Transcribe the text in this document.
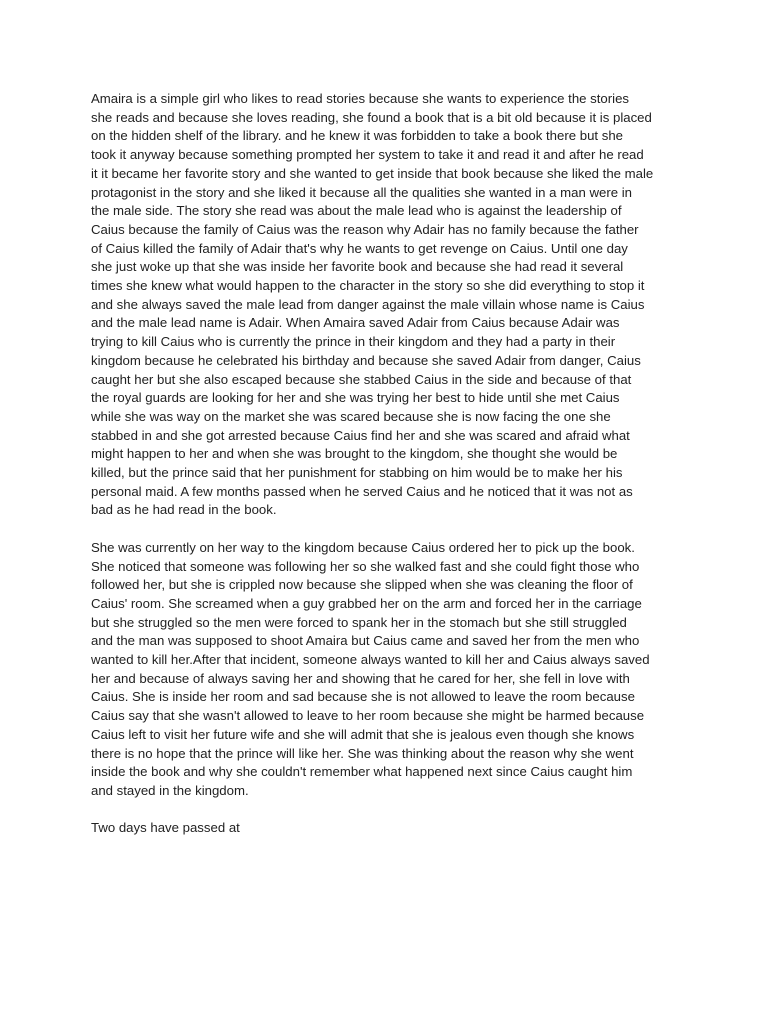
Amaira is a simple girl who likes to read stories because she wants to experience the stories
she reads and because she loves reading, she found a book that is a bit old because it is placed
on the hidden shelf of the library. and he knew it was forbidden to take a book there but she
took it anyway because something prompted her system to take it and read it and after he read
it it became her favorite story and she wanted to get inside that book because she liked the male
protagonist in the story and she liked it because all the qualities she wanted in a man were in
the male side. The story she read was about the male lead who is against the leadership of
Caius because the family of Caius was the reason why Adair has no family because the father
of Caius killed the family of Adair that's why he wants to get revenge on Caius. Until one day
she just woke up that she was inside her favorite book and because she had read it several
times she knew what would happen to the character in the story so she did everything to stop it
and she always saved the male lead from danger against the male villain whose name is Caius
and the male lead name is Adair. When Amaira saved Adair from Caius because Adair was
trying to kill Caius who is currently the prince in their kingdom and they had a party in their
kingdom because he celebrated his birthday and because she saved Adair from danger, Caius
caught her but she also escaped because she stabbed Caius in the side and because of that
the royal guards are looking for her and she was trying her best to hide until she met Caius
while she was way on the market she was scared because she is now facing the one she
stabbed in and she got arrested because Caius find her and she was scared and afraid what
might happen to her and when she was brought to the kingdom, she thought she would be
killed, but the prince said that her punishment for stabbing on him would be to make her his
personal maid. A few months passed when he served Caius and he noticed that it was not as
bad as he had read in the book.
She was currently on her way to the kingdom because Caius ordered her to pick up the book.
She noticed that someone was following her so she walked fast and she could fight those who
followed her, but she is crippled now because she slipped when she was cleaning the floor of
Caius' room. She screamed when a guy grabbed her on the arm and forced her in the carriage
but she struggled so the men were forced to spank her in the stomach but she still struggled
and the man was supposed to shoot Amaira but Caius came and saved her from the men who
wanted to kill her.After that incident, someone always wanted to kill her and Caius always saved
her and because of always saving her and showing that he cared for her, she fell in love with
Caius. She is inside her room and sad because she is not allowed to leave the room because
Caius say that she wasn't allowed to leave to her room because she might be harmed because
Caius left to visit her future wife and she will admit that she is jealous even though she knows
there is no hope that the prince will like her. She was thinking about the reason why she went
inside the book and why she couldn't remember what happened next since Caius caught him
and stayed in the kingdom.
Two days have passed at
